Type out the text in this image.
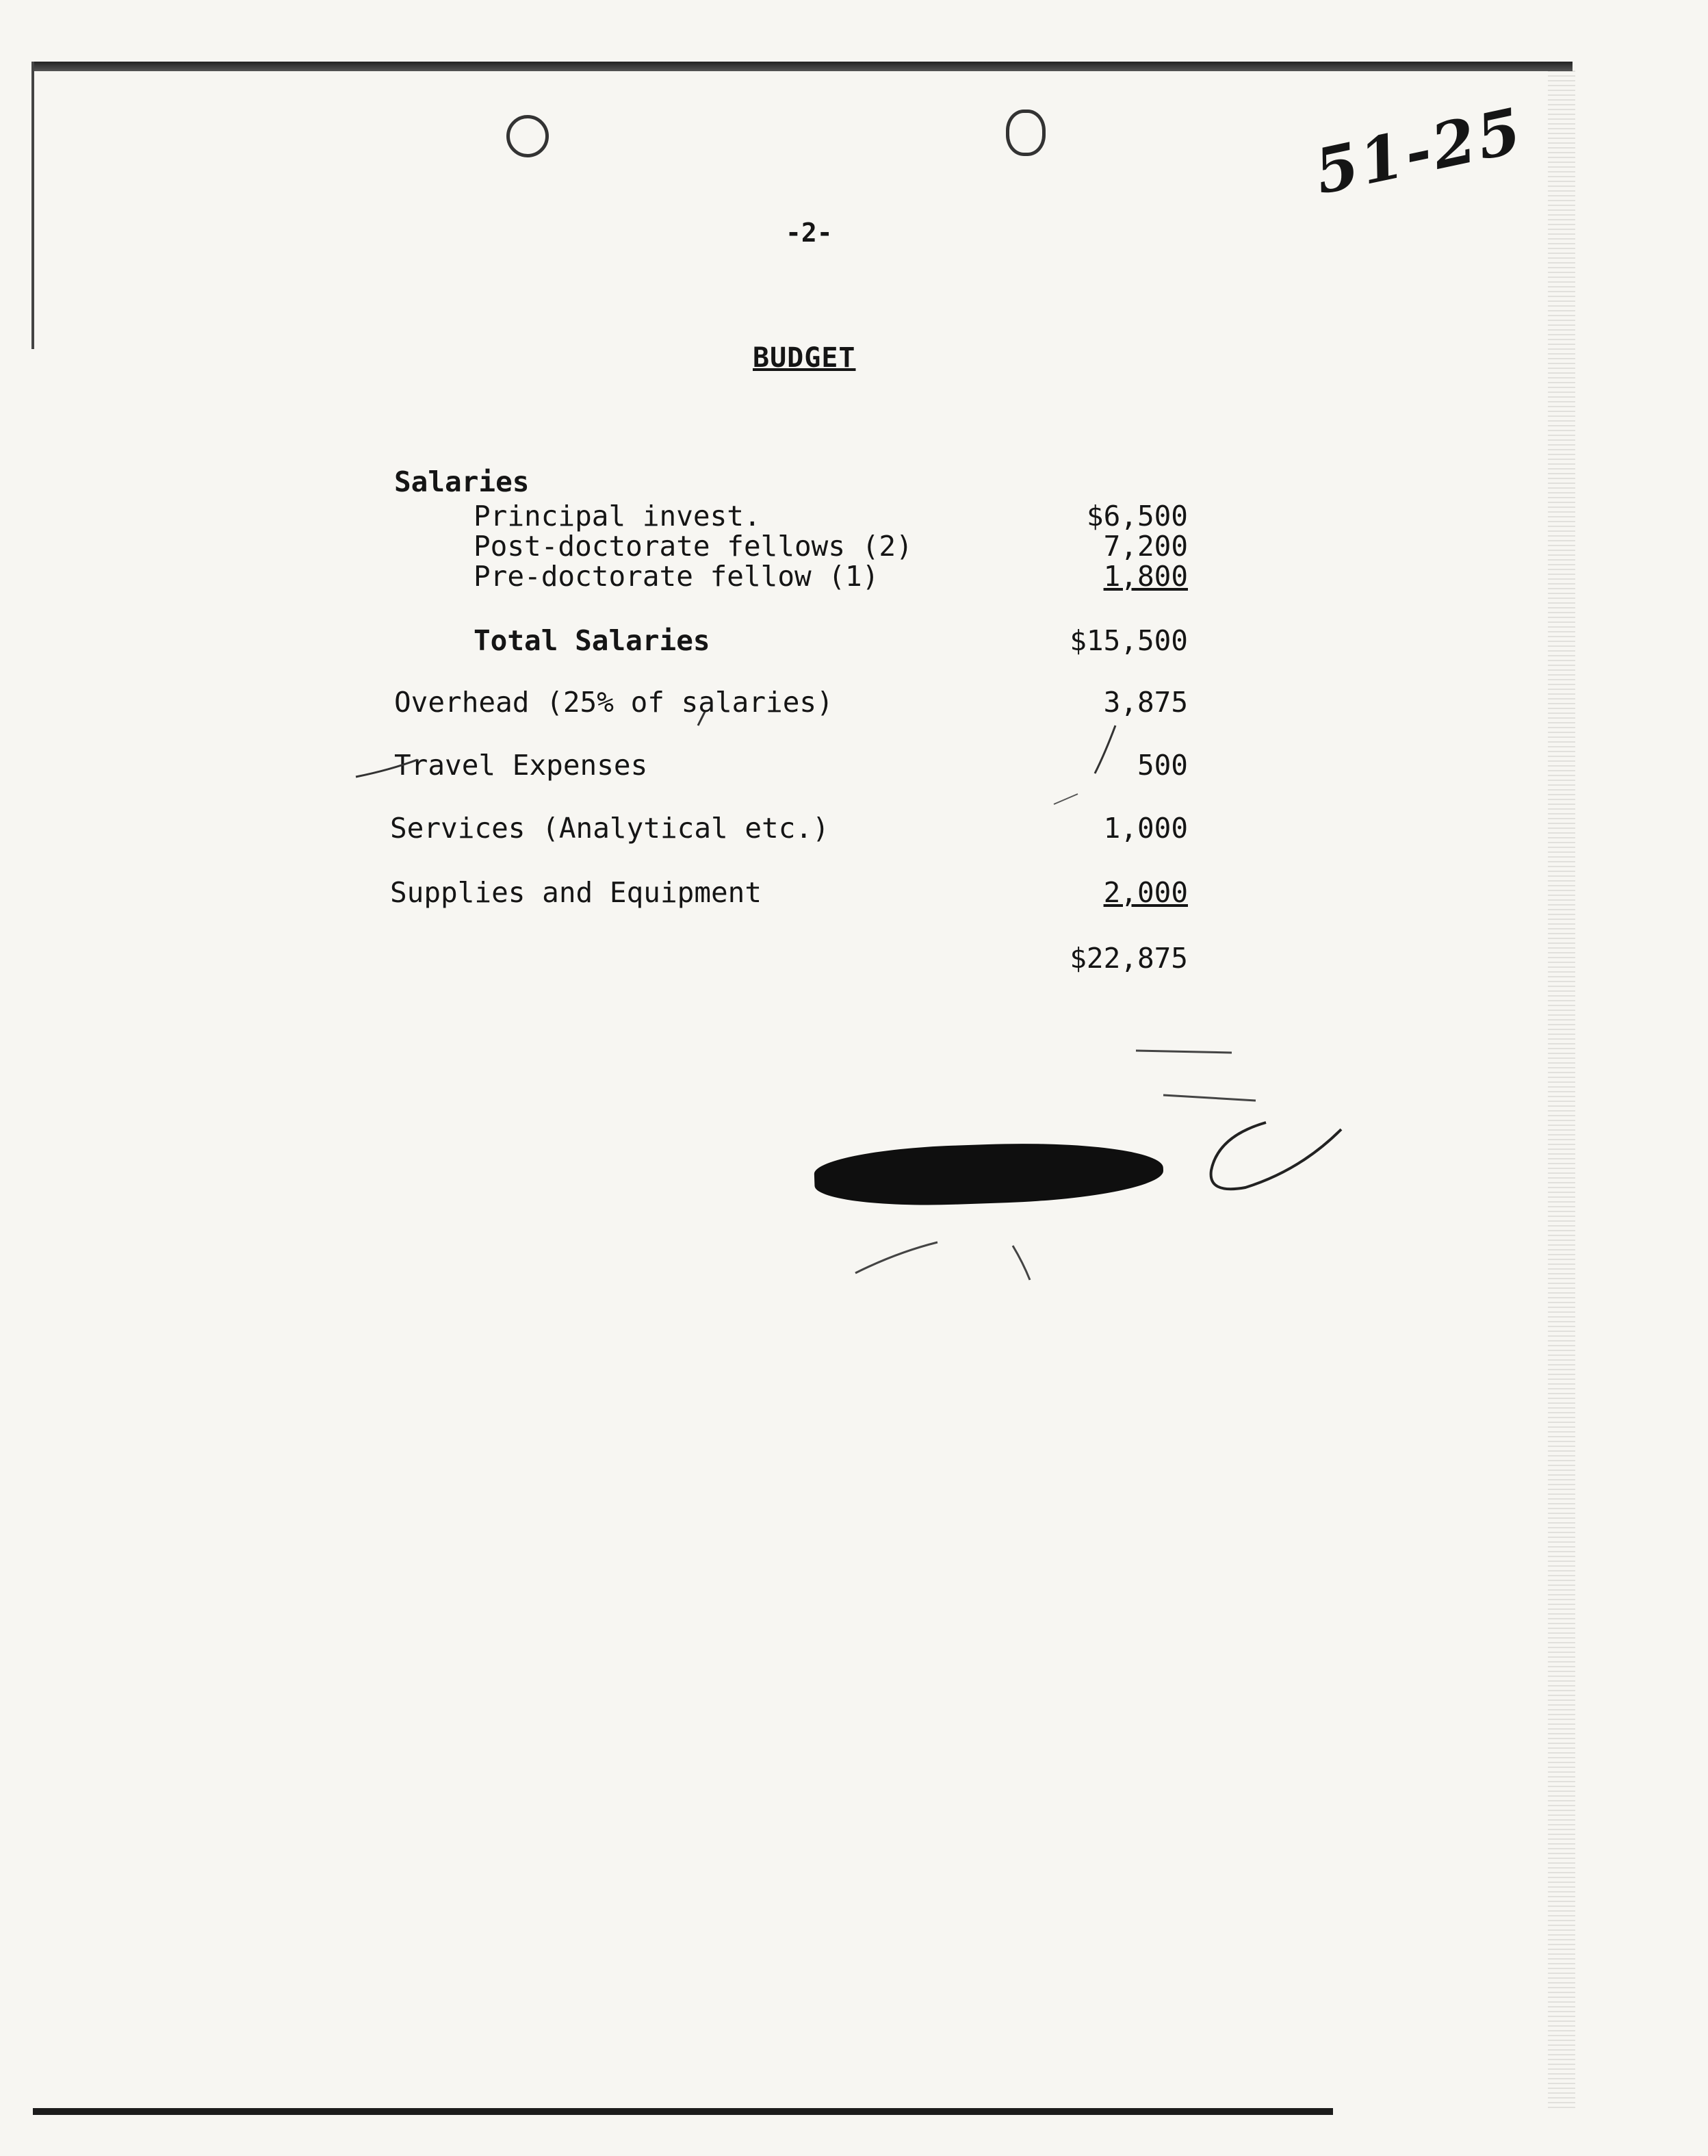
51-25
-2-
BUDGET
Salaries
Principal invest.	$6,500
Post-doctorate fellows (2)	7,200
Pre-doctorate fellow (1)	1,800
Total Salaries	$15,500
Overhead (25% of salaries)	3,875
Travel Expenses	500
Services (Analytical etc.)	1,000
Supplies and Equipment	2,000
$22,875
